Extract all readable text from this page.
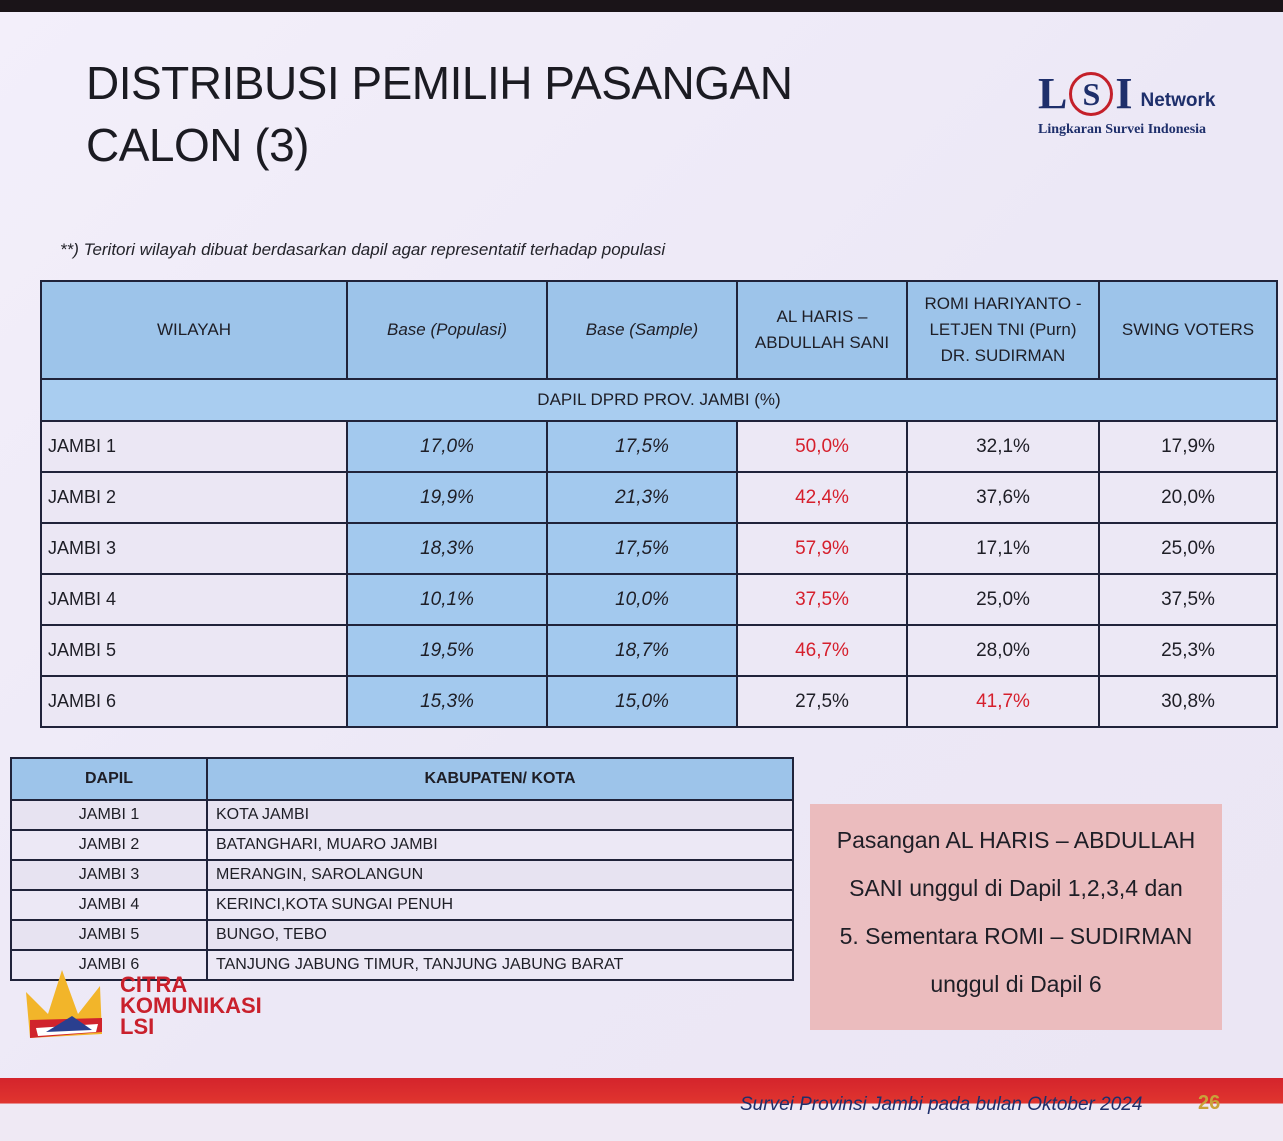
DISTRIBUSI PEMILIH PASANGAN
CALON (3)
L S I Network
Lingkaran Survei Indonesia
**) Teritori wilayah dibuat berdasarkan dapil agar representatif terhadap populasi
WILAYAH	Base (Populasi)	Base (Sample)	AL HARIS – ABDULLAH SANI	ROMI HARIYANTO - LETJEN TNI (Purn) DR. SUDIRMAN	SWING VOTERS
DAPIL DPRD PROV. JAMBI (%)					
JAMBI 1	17,0%	17,5%	50,0%	32,1%	17,9%
JAMBI 2	19,9%	21,3%	42,4%	37,6%	20,0%
JAMBI 3	18,3%	17,5%	57,9%	17,1%	25,0%
JAMBI 4	10,1%	10,0%	37,5%	25,0%	37,5%
JAMBI 5	19,5%	18,7%	46,7%	28,0%	25,3%
JAMBI 6	15,3%	15,0%	27,5%	41,7%	30,8%
DAPIL	KABUPATEN/ KOTA
JAMBI 1	KOTA JAMBI
JAMBI 2	BATANGHARI, MUARO JAMBI
JAMBI 3	MERANGIN, SAROLANGUN
JAMBI 4	KERINCI,KOTA SUNGAI PENUH
JAMBI 5	BUNGO, TEBO
JAMBI 6	TANJUNG JABUNG TIMUR, TANJUNG JABUNG BARAT
Pasangan AL HARIS – ABDULLAH
SANI unggul di Dapil 1,2,3,4 dan
5. Sementara ROMI – SUDIRMAN
unggul di Dapil 6
CITRA
KOMUNIKASI
LSI
Survei Provinsi Jambi pada bulan Oktober 2024	26
